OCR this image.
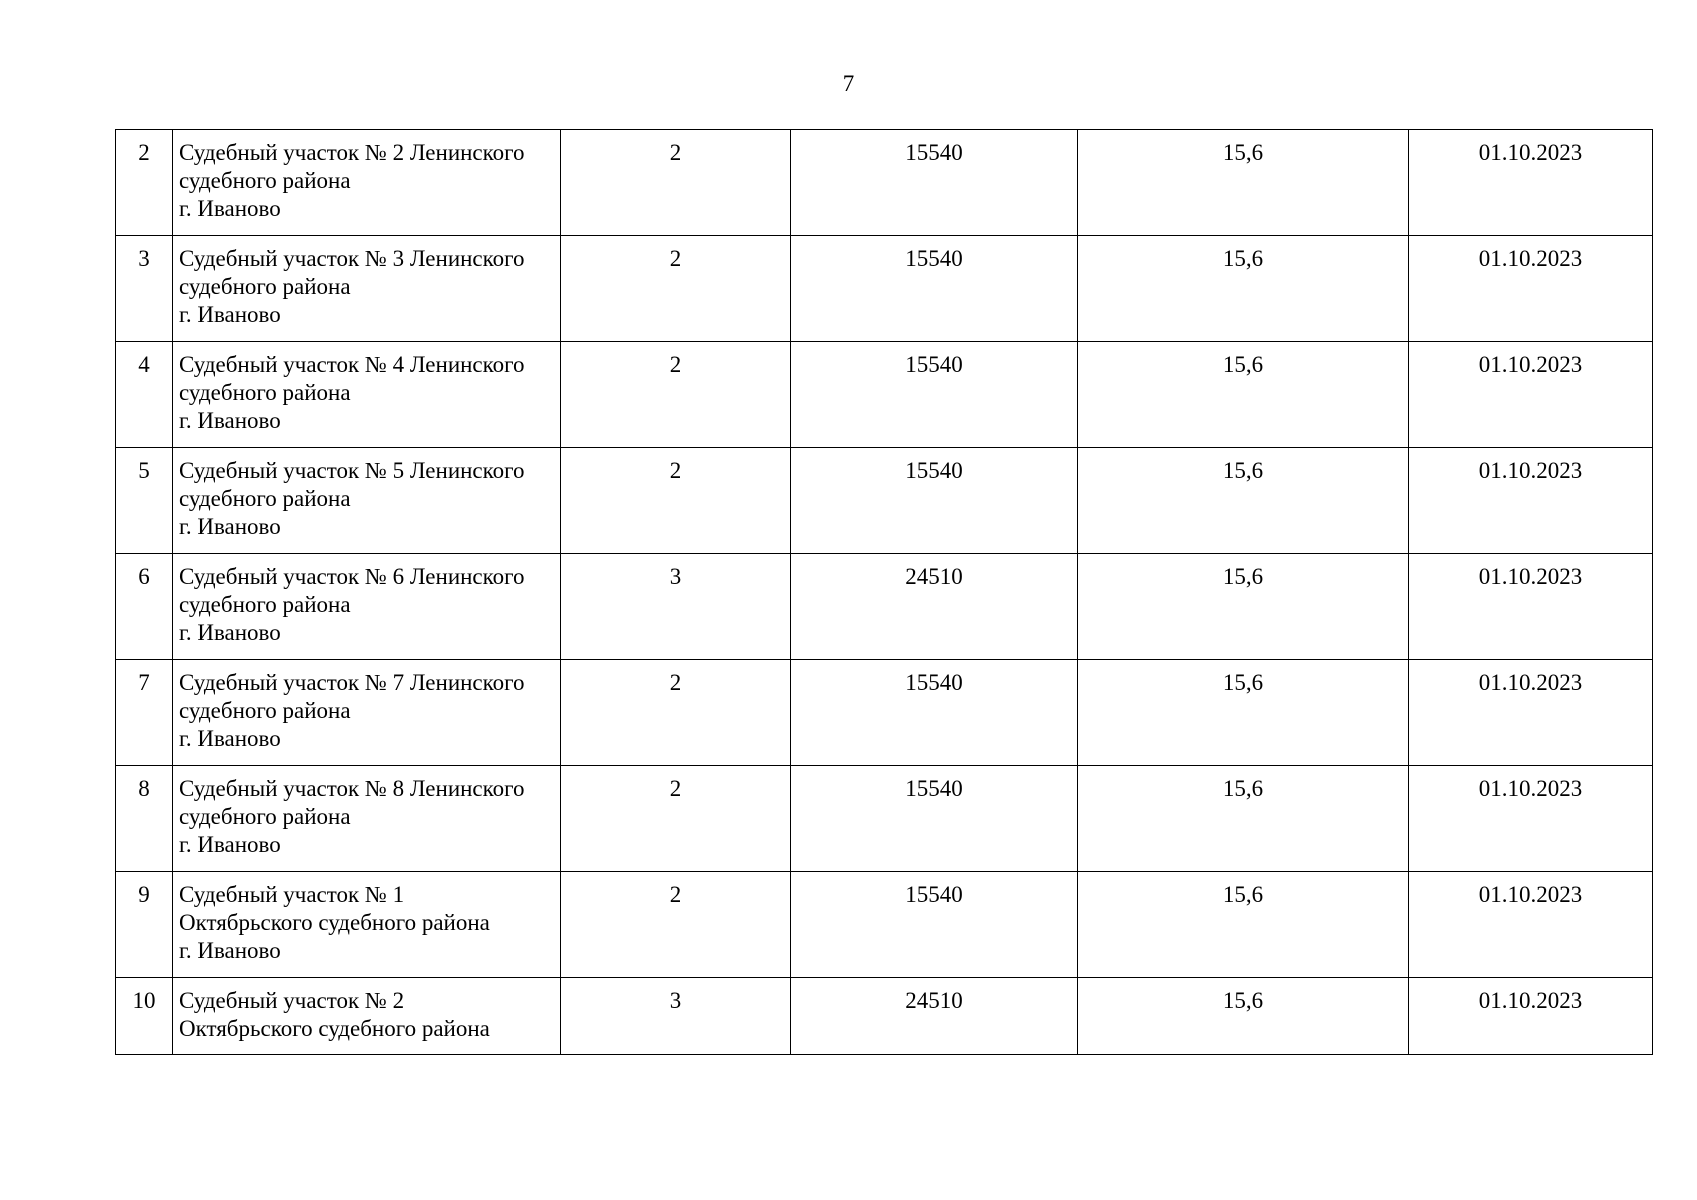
7
2	Судебный участок № 2 Ленинского
судебного района
г. Иваново	2	15540	15,6	01.10.2023
3	Судебный участок № 3 Ленинского
судебного района
г. Иваново	2	15540	15,6	01.10.2023
4	Судебный участок № 4 Ленинского
судебного района
г. Иваново	2	15540	15,6	01.10.2023
5	Судебный участок № 5 Ленинского
судебного района
г. Иваново	2	15540	15,6	01.10.2023
6	Судебный участок № 6 Ленинского
судебного района
г. Иваново	3	24510	15,6	01.10.2023
7	Судебный участок № 7 Ленинского
судебного района
г. Иваново	2	15540	15,6	01.10.2023
8	Судебный участок № 8 Ленинского
судебного района
г. Иваново	2	15540	15,6	01.10.2023
9	Судебный участок № 1
Октябрьского судебного района
г. Иваново	2	15540	15,6	01.10.2023
10	Судебный участок № 2
Октябрьского судебного района	3	24510	15,6	01.10.2023
